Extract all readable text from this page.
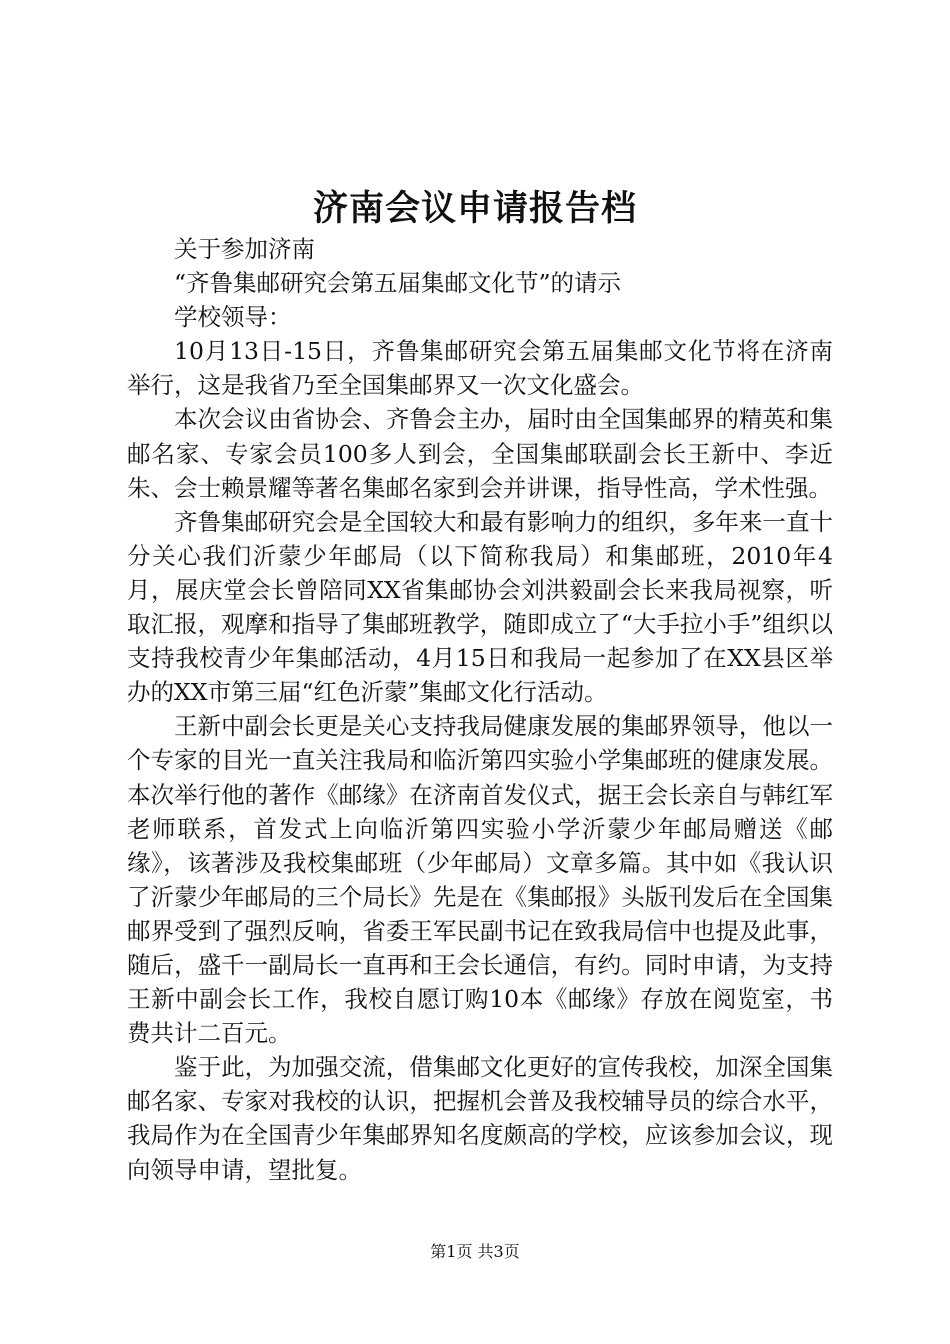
济南会议申请报告档

关于参加济南

“齐鲁集邮研究会第五届集邮文化节”的请示

学校领导：

10月13日-15日，齐鲁集邮研究会第五届集邮文化节将在济南举行，这是我省乃至全国集邮界又一次文化盛会。

本次会议由省协会、齐鲁会主办，届时由全国集邮界的精英和集邮名家、专家会员100多人到会，全国集邮联副会长王新中、李近朱、会士赖景耀等著名集邮名家到会并讲课，指导性高，学术性强。

齐鲁集邮研究会是全国较大和最有影响力的组织，多年来一直十分关心我们沂蒙少年邮局（以下简称我局）和集邮班，2010年4月，展庆堂会长曾陪同XX省集邮协会刘洪毅副会长来我局视察，听取汇报，观摩和指导了集邮班教学，随即成立了“大手拉小手”组织以支持我校青少年集邮活动，4月15日和我局一起参加了在XX县区举办的XX市第三届“红色沂蒙”集邮文化行活动。

王新中副会长更是关心支持我局健康发展的集邮界领导，他以一个专家的目光一直关注我局和临沂第四实验小学集邮班的健康发展。本次举行他的著作《邮缘》在济南首发仪式，据王会长亲自与韩红军老师联系，首发式上向临沂第四实验小学沂蒙少年邮局赠送《邮缘》，该著涉及我校集邮班（少年邮局）文章多篇。其中如《我认识了沂蒙少年邮局的三个局长》先是在《集邮报》头版刊发后在全国集邮界受到了强烈反响，省委王军民副书记在致我局信中也提及此事，随后，盛千一副局长一直再和王会长通信，有约。同时申请，为支持王新中副会长工作，我校自愿订购10本《邮缘》存放在阅览室，书费共计二百元。

鉴于此，为加强交流，借集邮文化更好的宣传我校，加深全国集邮名家、专家对我校的认识，把握机会普及我校辅导员的综合水平，我局作为在全国青少年集邮界知名度颇高的学校，应该参加会议，现向领导申请，望批复。

第1页 共3页
